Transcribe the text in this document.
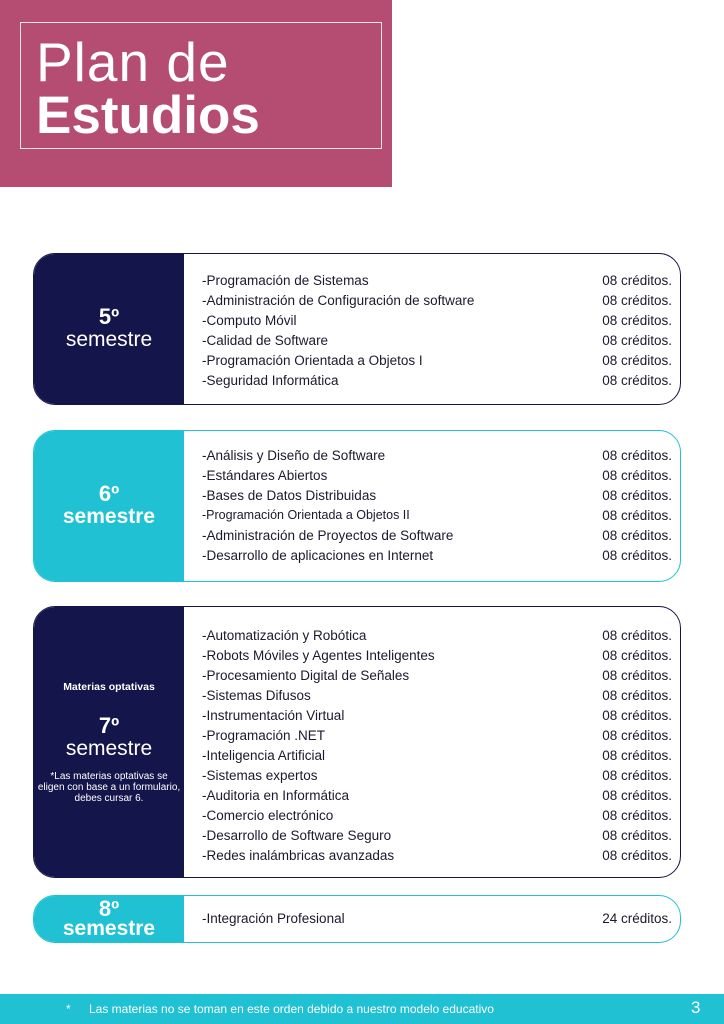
Plan de
Estudios
5º
semestre
-Programación de Sistemas	08 créditos.
-Administración de Configuración de software	08 créditos.
-Computo Móvil	08 créditos.
-Calidad de Software	08 créditos.
-Programación Orientada a Objetos I	08 créditos.
-Seguridad Informática	08 créditos.
6º
semestre
-Análisis y Diseño de Software	08 créditos.
-Estándares Abiertos	08 créditos.
-Bases de Datos Distribuidas	08 créditos.
-Programación Orientada a Objetos II	08 créditos.
-Administración de Proyectos de Software	08 créditos.
-Desarrollo de aplicaciones en Internet	08 créditos.
Materias optativas
7º
semestre
*Las materias optativas se eligen con base a un formulario, debes cursar 6.
-Automatización y Robótica	08 créditos.
-Robots Móviles y Agentes Inteligentes	08 créditos.
-Procesamiento Digital de Señales	08 créditos.
-Sistemas Difusos	08 créditos.
-Instrumentación Virtual	08 créditos.
-Programación .NET	08 créditos.
-Inteligencia Artificial	08 créditos.
-Sistemas expertos	08 créditos.
-Auditoria en Informática	08 créditos.
-Comercio electrónico	08 créditos.
-Desarrollo de Software Seguro	08 créditos.
-Redes inalámbricas avanzadas	08 créditos.
8º
semestre	-Integración Profesional	24 créditos.
* Las materias no se toman en este orden debido a nuestro modelo educativo	3
